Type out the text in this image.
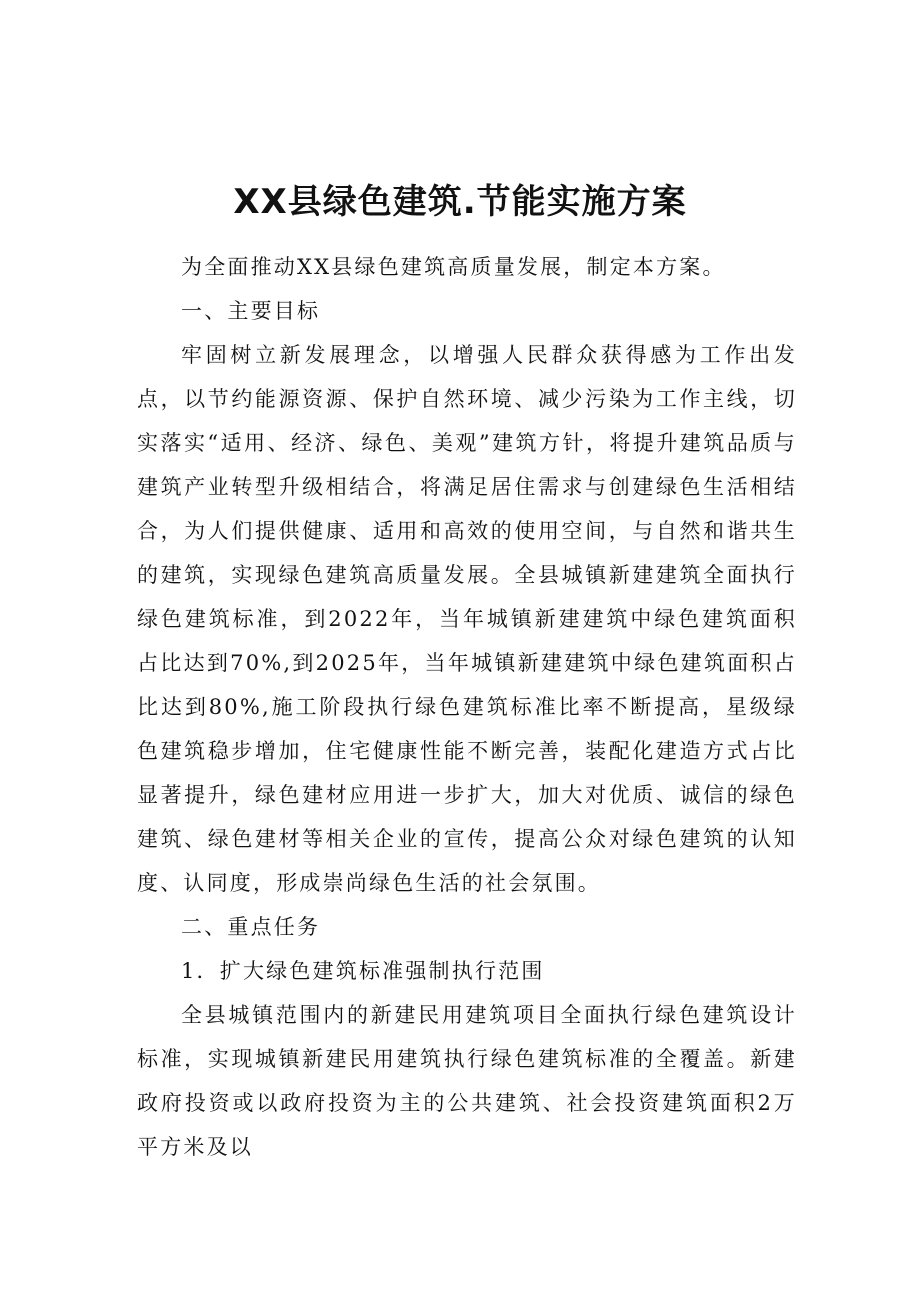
XX县绿色建筑.节能实施方案

为全面推动XX县绿色建筑高质量发展，制定本方案。

一、主要目标

牢固树立新发展理念，以增强人民群众获得感为工作出发点，以节约能源资源、保护自然环境、减少污染为工作主线，切实落实“适用、经济、绿色、美观”建筑方针，将提升建筑品质与建筑产业转型升级相结合，将满足居住需求与创建绿色生活相结合，为人们提供健康、适用和高效的使用空间，与自然和谐共生的建筑，实现绿色建筑高质量发展。全县城镇新建建筑全面执行绿色建筑标准，到2022年，当年城镇新建建筑中绿色建筑面积占比达到70%,到2025年，当年城镇新建建筑中绿色建筑面积占比达到80%,施工阶段执行绿色建筑标准比率不断提高，星级绿色建筑稳步增加，住宅健康性能不断完善，装配化建造方式占比显著提升，绿色建材应用进一步扩大，加大对优质、诚信的绿色建筑、绿色建材等相关企业的宣传，提高公众对绿色建筑的认知度、认同度，形成崇尚绿色生活的社会氛围。

二、重点任务

1．扩大绿色建筑标准强制执行范围

全县城镇范围内的新建民用建筑项目全面执行绿色建筑设计标准，实现城镇新建民用建筑执行绿色建筑标准的全覆盖。新建政府投资或以政府投资为主的公共建筑、社会投资建筑面积2万平方米及以
